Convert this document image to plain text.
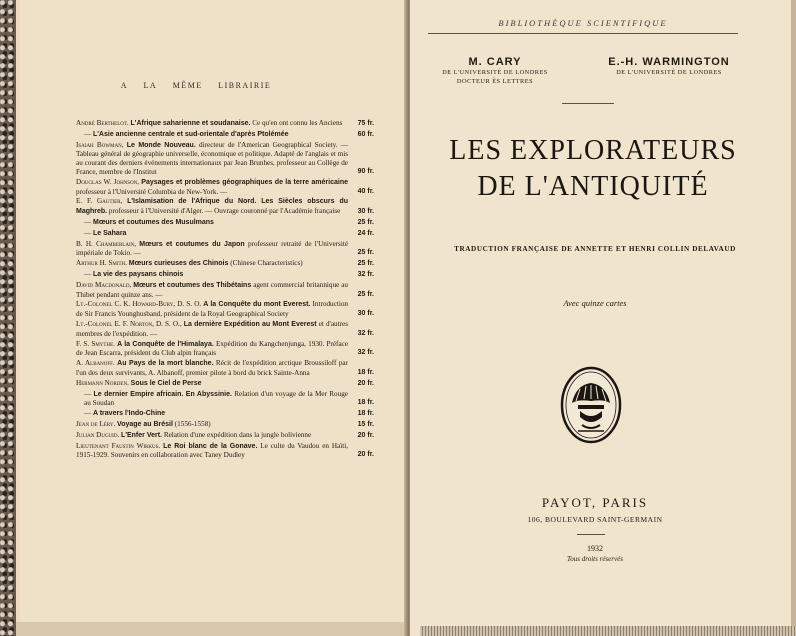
A LA MÊME LIBRAIRIE
André Berthelot. L'Afrique saharienne et soudanaise. Ce qu'en ont connu les Anciens	75 fr.
— L'Asie ancienne centrale et sud-orientale d'après Ptolémée	60 fr.
Isaiah Bowman, Le Monde Nouveau. directeur de l'American Geographical Society. — Tableau général de géographie universelle, économique et politique. Adapté de l'anglais et mis au courant des derniers événements internationaux par Jean Brunhes, professeur au Collège de France, membre de l'Institut	90 fr.
Douglas W. Johnson, Paysages et problèmes géographiques de la terre américaine professeur à l'Université Columbia de New-York. —	40 fr.
E. F. Gautier, L'Islamisation de l'Afrique du Nord. Les Siècles obscurs du Maghreb. professeur à l'Université d'Alger. — Ouvrage couronné par l'Académie française	30 fr.
— Mœurs et coutumes des Musulmans	25 fr.
— Le Sahara	24 fr.
B. H. Chamberlain, Mœurs et coutumes du Japon professeur retraité de l'Université impériale de Tokio. —	25 fr.
Arthur H. Smith. Mœurs curieuses des Chinois (Chinese Characteristics)	25 fr.
— La vie des paysans chinois	32 fr.
David Macdonald, Mœurs et coutumes des Thibétains agent commercial britannique au Thibet pendant quinze ans. —	25 fr.
Lt.-Colonel C. K. Howard-Bury, D. S. O. A la Conquête du mont Everest. Introduction de Sir Francis Younghusband, président de la Royal Geographical Society	30 fr.
Lt.-Colonel E. F. Norton, D. S. O., La dernière Expédition au Mont Everest et d'autres membres de l'expédition. —	32 fr.
F. S. Smythe. A la Conquête de l'Himalaya. Expédition du Kangchenjunga, 1930. Préface de Jean Escarra, président du Club alpin français	32 fr.
A. Albanoff. Au Pays de la mort blanche. Récit de l'expédition arctique Broussiloff par l'un des deux survivants, A. Albanoff, premier pilote à bord du brick Sainte-Anna	18 fr.
Hermann Norden. Sous le Ciel de Perse	20 fr.
— Le dernier Empire africain. En Abyssinie. Relation d'un voyage de la Mer Rouge au Soudan	18 fr.
— A travers l'Indo-Chine	18 fr.
Jean de Léry. Voyage au Brésil (1556-1558)	15 fr.
Julian Duguid. L'Enfer Vert. Relation d'une expédition dans la jungle bolivienne	20 fr.
Lieutenant Faustin Wirkus. Le Roi blanc de la Gonave. Le culte du Vaudou en Haïti, 1915-1929. Souvenirs en collaboration avec Taney Dudley	20 fr.
BIBLIOTHÈQUE SCIENTIFIQUE
M. CARY
DE L'UNIVERSITÉ DE LONDRES
DOCTEUR ÈS LETTRES
E.-H. WARMINGTON
DE L'UNIVERSITÉ DE LONDRES
LES EXPLORATEURS
DE L'ANTIQUITÉ
TRADUCTION FRANÇAISE DE ANNETTE ET HENRI COLLIN DELAVAUD
Avec quinze cartes
PAYOT, PARIS
106, BOULEVARD SAINT-GERMAIN
1932
Tous droits réservés
